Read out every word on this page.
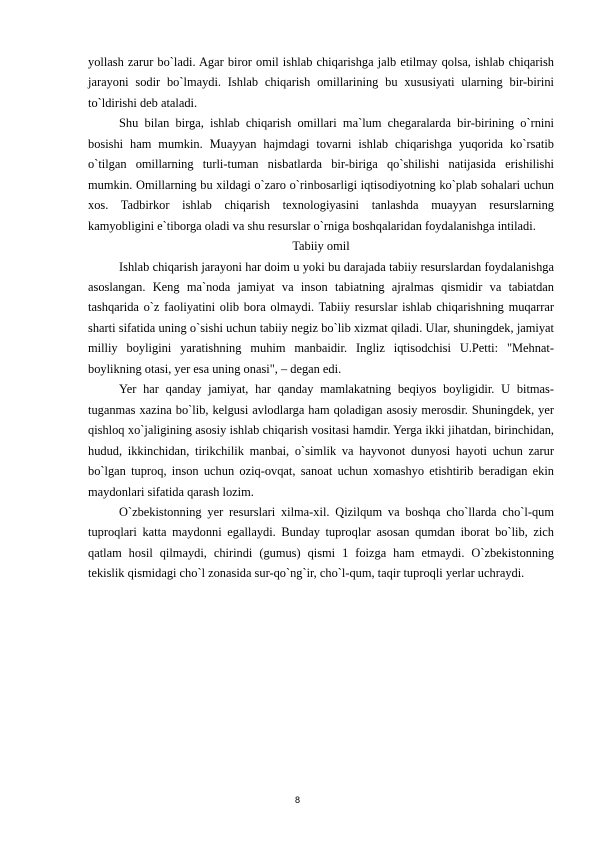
yollash zarur bo`ladi. Agar biror omil ishlab chiqarishga jalb etilmay qolsa, ishlab chiqarish jarayoni sodir bo`lmaydi. Ishlab chiqarish omillarining bu xususiyati ularning bir-birini to`ldirishi deb ataladi.

Shu bilan birga, ishlab chiqarish omillari ma`lum chegaralarda bir-birining o`rnini bosishi ham mumkin. Muayyan hajmdagi tovarni ishlab chiqarishga yuqorida ko`rsatib o`tilgan omillarning turli-tuman nisbatlarda bir-biriga qo`shilishi natijasida erishilishi mumkin. Omillarning bu xildagi o`zaro o`rinbosarligi iqtisodiyotning ko`plab sohalari uchun xos. Tadbirkor ishlab chiqarish texnologiyasini tanlashda muayyan resurslarning kamyobligini e`tiborga oladi va shu resurslar o`rniga boshqalaridan foydalanishga intiladi.

Tabiiy omil

Ishlab chiqarish jarayoni har doim u yoki bu darajada tabiiy resurslardan foydalanishga asoslangan. Keng ma`noda jamiyat va inson tabiatning ajralmas qismidir va tabiatdan tashqarida o`z faoliyatini olib bora olmaydi. Tabiiy resurslar ishlab chiqarishning muqarrar sharti sifatida uning o`sishi uchun tabiiy negiz bo`lib xizmat qiladi. Ular, shuningdek, jamiyat milliy boyligini yaratishning muhim manbaidir. Ingliz iqtisodchisi U.Petti: "Mehnat-boylikning otasi, yer esa uning onasi", – degan edi.

Yer har qanday jamiyat, har qanday mamlakatning beqiyos boyligidir. U bitmas-tuganmas xazina bo`lib, kelgusi avlodlarga ham qoladigan asosiy merosdir. Shuningdek, yer qishloq xo`jaligining asosiy ishlab chiqarish vositasi hamdir. Yerga ikki jihatdan, birinchidan, hudud, ikkinchidan, tirikchilik manbai, o`simlik va hayvonot dunyosi hayoti uchun zarur bo`lgan tuproq, inson uchun oziq-ovqat, sanoat uchun xomashyo etishtirib beradigan ekin maydonlari sifatida qarash lozim.

O`zbekistonning yer resurslari xilma-xil. Qizilqum va boshqa cho`llarda cho`l-qum tuproqlari katta maydonni egallaydi. Bunday tuproqlar asosan qumdan iborat bo`lib, zich qatlam hosil qilmaydi, chirindi (gumus) qismi 1 foizga ham etmaydi. O`zbekistonning tekislik qismidagi cho`l zonasida sur-qo`ng`ir, cho`l-qum, taqir tuproqli yerlar uchraydi.

8
